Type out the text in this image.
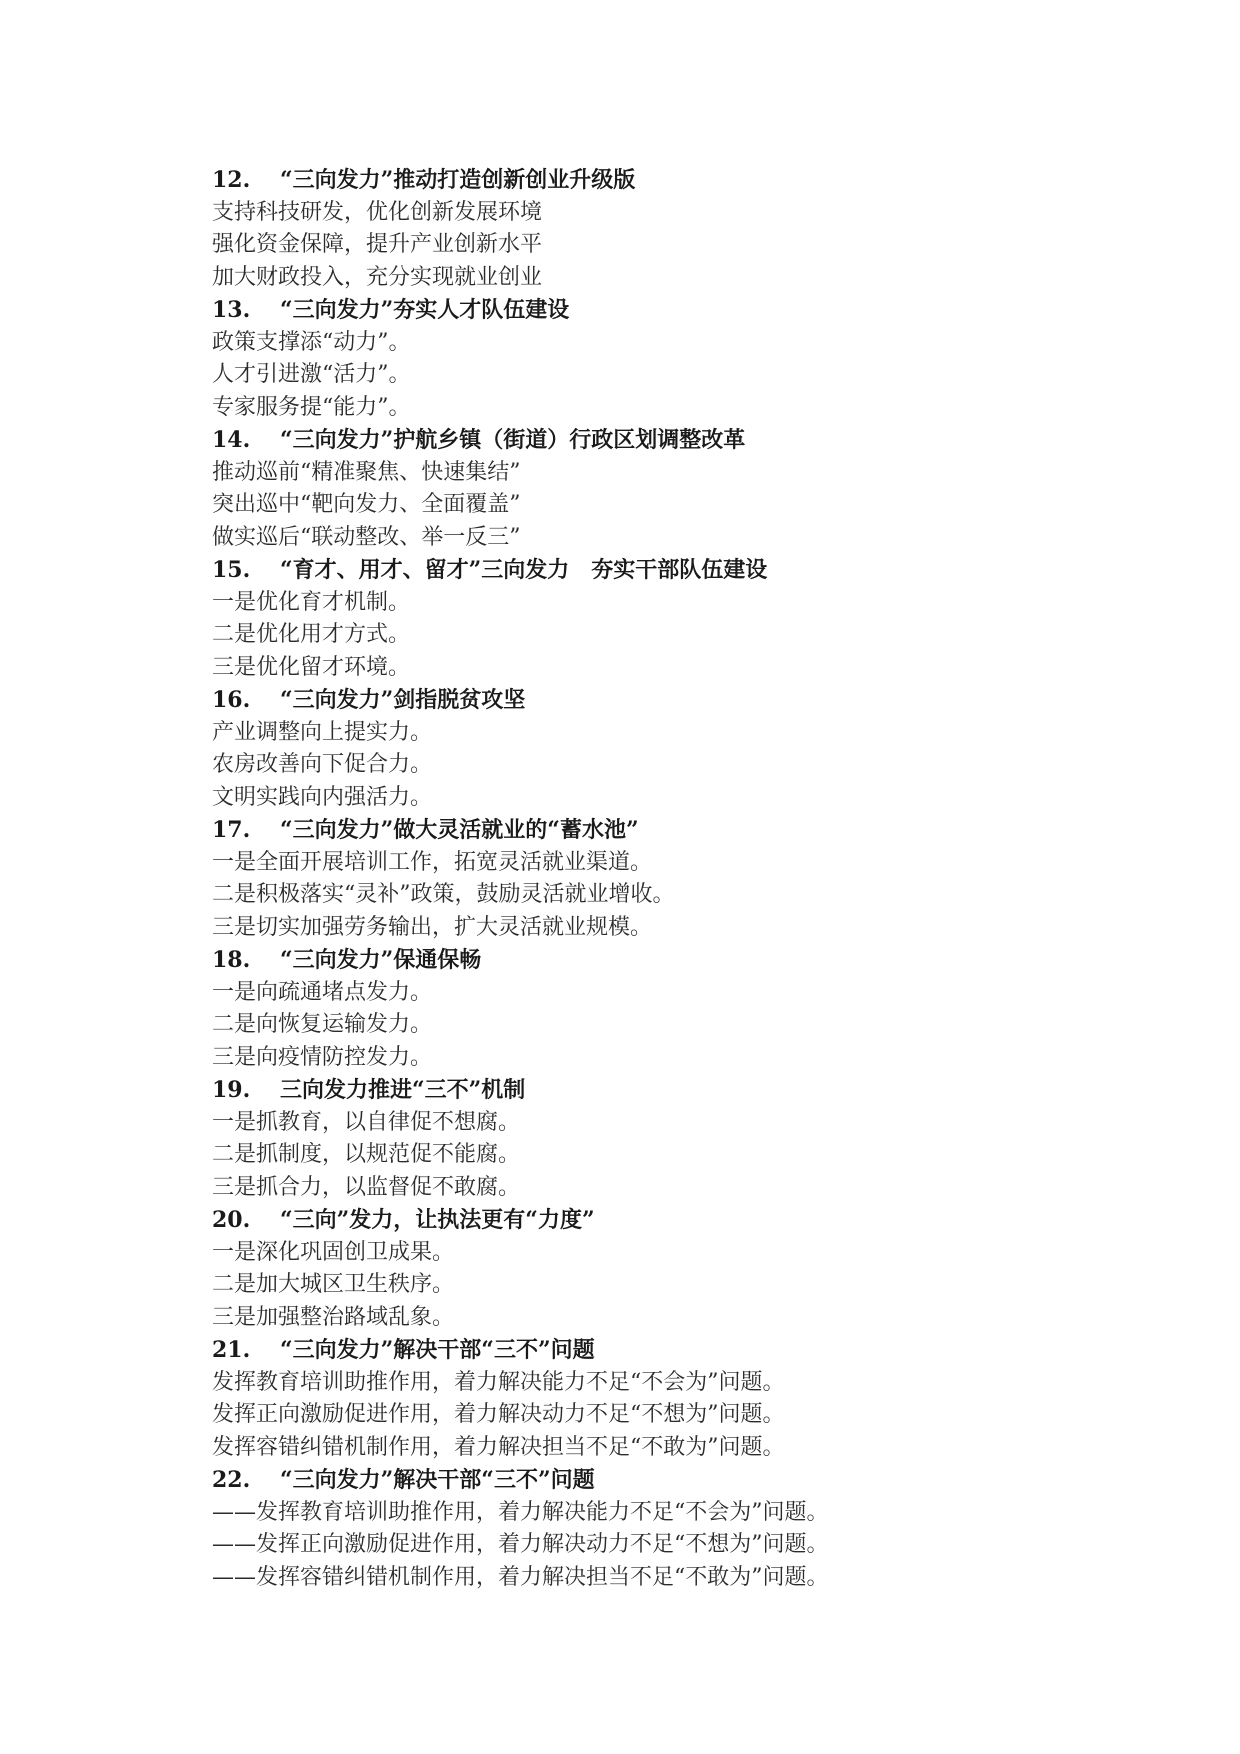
12. “三向发力”推动打造创新创业升级版
支持科技研发，优化创新发展环境
强化资金保障，提升产业创新水平
加大财政投入，充分实现就业创业
13. “三向发力”夯实人才队伍建设
政策支撑添“动力”。
人才引进激“活力”。
专家服务提“能力”。
14. “三向发力”护航乡镇（街道）行政区划调整改革
推动巡前“精准聚焦、快速集结”
突出巡中“靶向发力、全面覆盖”
做实巡后“联动整改、举一反三”
15. “育才、用才、留才”三向发力　夯实干部队伍建设
一是优化育才机制。
二是优化用才方式。
三是优化留才环境。
16. “三向发力”剑指脱贫攻坚
产业调整向上提实力。
农房改善向下促合力。
文明实践向内强活力。
17. “三向发力”做大灵活就业的“蓄水池”
一是全面开展培训工作，拓宽灵活就业渠道。
二是积极落实“灵补”政策，鼓励灵活就业增收。
三是切实加强劳务输出，扩大灵活就业规模。
18. “三向发力”保通保畅
一是向疏通堵点发力。
二是向恢复运输发力。
三是向疫情防控发力。
19. 三向发力推进“三不”机制
一是抓教育，以自律促不想腐。
二是抓制度，以规范促不能腐。
三是抓合力，以监督促不敢腐。
20. “三向”发力，让执法更有“力度”
一是深化巩固创卫成果。
二是加大城区卫生秩序。
三是加强整治路域乱象。
21. “三向发力”解决干部“三不”问题
发挥教育培训助推作用，着力解决能力不足“不会为”问题。
发挥正向激励促进作用，着力解决动力不足“不想为”问题。
发挥容错纠错机制作用，着力解决担当不足“不敢为”问题。
22. “三向发力”解决干部“三不”问题
——发挥教育培训助推作用，着力解决能力不足“不会为”问题。
——发挥正向激励促进作用，着力解决动力不足“不想为”问题。
——发挥容错纠错机制作用，着力解决担当不足“不敢为”问题。
